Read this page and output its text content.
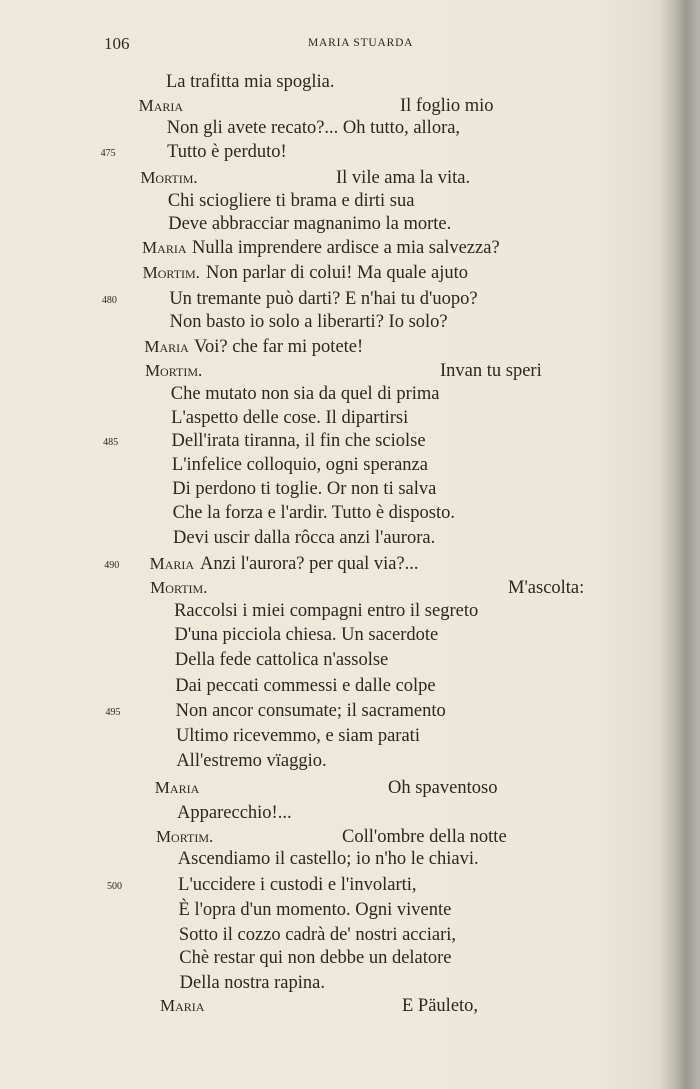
106	MARIA STUARDA
La trafitta mia spoglia.
Maria	Il foglio mio
Non gli avete recato?... Oh tutto, allora,
475	Tutto è perduto!
Mortim.	Il vile ama la vita.
Chi sciogliere ti brama e dirti sua
Deve abbracciar magnanimo la morte.
Maria Nulla imprendere ardisce a mia salvezza?
Mortim. Non parlar di colui! Ma quale ajuto
480	Un tremante può darti? E n'hai tu d'uopo?
Non basto io solo a liberarti? Io solo?
Maria Voi? che far mi potete!
Mortim.	Invan tu speri
Che mutato non sia da quel di prima
L'aspetto delle cose. Il dipartirsi
485	Dell'irata tiranna, il fin che sciolse
L'infelice colloquio, ogni speranza
Di perdono ti toglie. Or non ti salva
Che la forza e l'ardir. Tutto è disposto.
Devi uscir dalla rôcca anzi l'aurora.
490 Maria Anzi l'aurora? per qual via?...
Mortim.	M'ascolta:
Raccolsi i miei compagni entro il segreto
D'una picciola chiesa. Un sacerdote
Della fede cattolica n'assolse
Dai peccati commessi e dalle colpe
495	Non ancor consumate; il sacramento
Ultimo ricevemmo, e siam parati
All'estremo vïaggio.
Maria	Oh spaventoso
Apparecchio!...
Mortim.	Coll'ombre della notte
Ascendiamo il castello; io n'ho le chiavi.
500	L'uccidere i custodi e l'involarti,
È l'opra d'un momento. Ogni vivente
Sotto il cozzo cadrà de' nostri acciari,
Chè restar qui non debbe un delatore
Della nostra rapina.
Maria	E Päuleto,
